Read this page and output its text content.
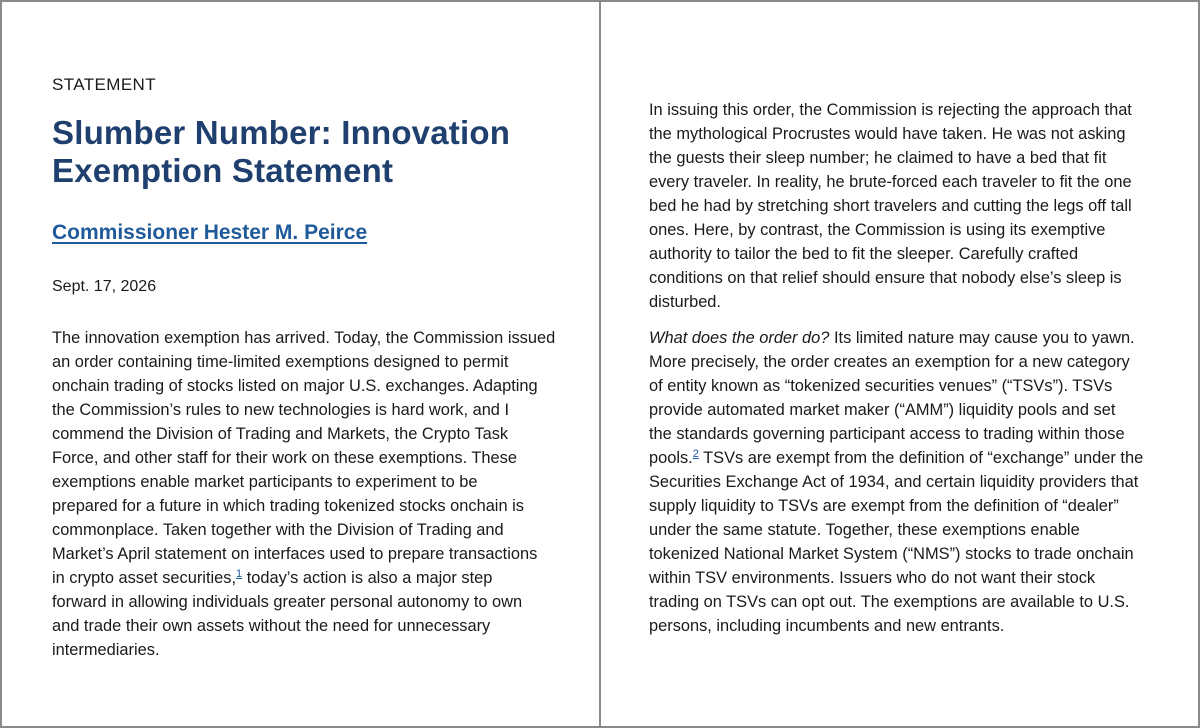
STATEMENT
Slumber Number: Innovation
Exemption Statement
Commissioner Hester M. Peirce
Sept. 17, 2026
The innovation exemption has arrived. Today, the Commission issued
an order containing time-limited exemptions designed to permit
onchain trading of stocks listed on major U.S. exchanges. Adapting
the Commission’s rules to new technologies is hard work, and I
commend the Division of Trading and Markets, the Crypto Task
Force, and other staff for their work on these exemptions. These
exemptions enable market participants to experiment to be
prepared for a future in which trading tokenized stocks onchain is
commonplace. Taken together with the Division of Trading and
Market’s April statement on interfaces used to prepare transactions
in crypto asset securities,$^1$ today’s action is also a major step
forward in allowing individuals greater personal autonomy to own
and trade their own assets without the need for unnecessary
intermediaries.
In issuing this order, the Commission is rejecting the approach that
the mythological Procrustes would have taken. He was not asking
the guests their sleep number; he claimed to have a bed that fit
every traveler. In reality, he brute-forced each traveler to fit the one
bed he had by stretching short travelers and cutting the legs off tall
ones. Here, by contrast, the Commission is using its exemptive
authority to tailor the bed to fit the sleeper. Carefully crafted
conditions on that relief should ensure that nobody else’s sleep is
disturbed.
What does the order do? Its limited nature may cause you to yawn.
More precisely, the order creates an exemption for a new category
of entity known as “tokenized securities venues” (“TSVs”). TSVs
provide automated market maker (“AMM”) liquidity pools and set
the standards governing participant access to trading within those
pools.$^2$ TSVs are exempt from the definition of “exchange” under the
Securities Exchange Act of 1934, and certain liquidity providers that
supply liquidity to TSVs are exempt from the definition of “dealer”
under the same statute. Together, these exemptions enable
tokenized National Market System (“NMS”) stocks to trade onchain
within TSV environments. Issuers who do not want their stock
trading on TSVs can opt out. The exemptions are available to U.S.
persons, including incumbents and new entrants.
